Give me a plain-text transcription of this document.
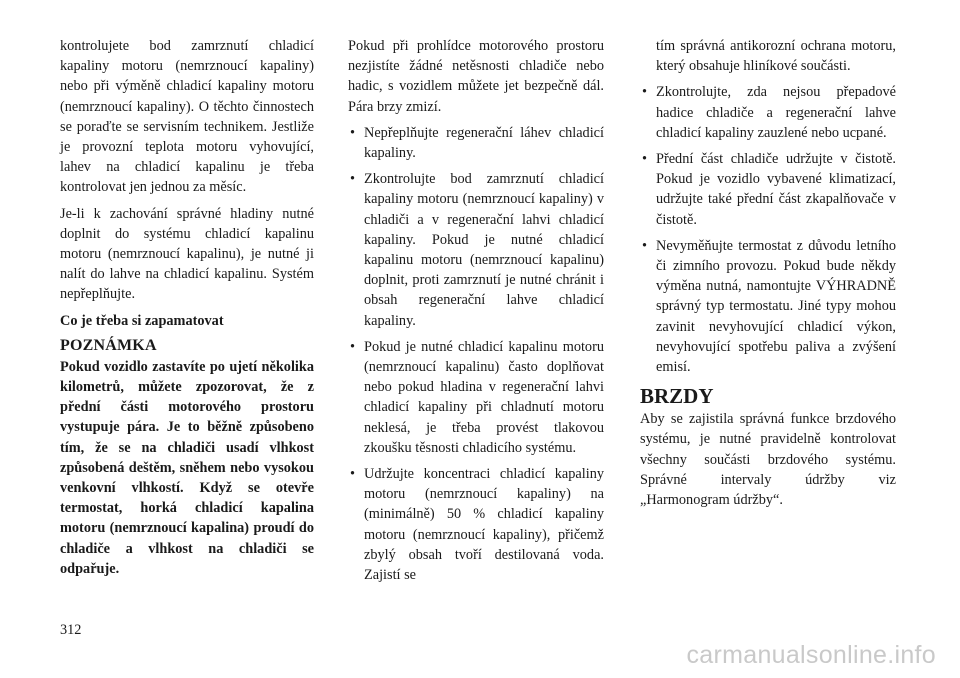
kontrolujete bod zamrznutí chladicí kapaliny motoru (nemrznoucí kapaliny) nebo při výměně chladicí kapaliny motoru (nemrznoucí kapaliny). O těchto činnostech se poraďte se servisním technikem. Jestliže je provozní teplota motoru vyhovující, lahev na chladicí kapalinu je třeba kontrolovat jen jednou za měsíc.

Je-li k zachování správné hladiny nutné doplnit do systému chladicí kapalinu motoru (nemrznoucí kapalinu), je nutné ji nalít do lahve na chladicí kapalinu. Systém nepřeplňujte.

Co je třeba si zapamatovat

POZNÁMKA

Pokud vozidlo zastavíte po ujetí několika kilometrů, můžete zpozorovat, že z přední části motorového prostoru vystupuje pára. Je to běžně způsobeno tím, že se na chladiči usadí vlhkost způsobená deštěm, sněhem nebo vysokou venkovní vlhkostí. Když se otevře termostat, horká chladicí kapalina motoru (nemrznoucí kapalina) proudí do chladiče a vlhkost na chladiči se odpařuje.

Pokud při prohlídce motorového prostoru nezjistíte žádné netěsnosti chladiče nebo hadic, s vozidlem můžete jet bezpečně dál. Pára brzy zmizí.

• Nepřeplňujte regenerační láhev chladicí kapaliny.
• Zkontrolujte bod zamrznutí chladicí kapaliny motoru (nemrznoucí kapaliny) v chladiči a v regenerační lahvi chladicí kapaliny. Pokud je nutné chladicí kapalinu motoru (nemrznoucí kapalinu) doplnit, proti zamrznutí je nutné chránit i obsah regenerační lahve chladicí kapaliny.
• Pokud je nutné chladicí kapalinu motoru (nemrznoucí kapalinu) často doplňovat nebo pokud hladina v regenerační lahvi chladicí kapaliny při chladnutí motoru neklesá, je třeba provést tlakovou zkoušku těsnosti chladicího systému.
• Udržujte koncentraci chladicí kapaliny motoru (nemrznoucí kapaliny) na (minimálně) 50 % chladicí kapaliny motoru (nemrznoucí kapaliny), přičemž zbylý obsah tvoří destilovaná voda. Zajistí se
tím správná antikorozní ochrana motoru, který obsahuje hliníkové součásti.
• Zkontrolujte, zda nejsou přepadové hadice chladiče a regenerační lahve chladicí kapaliny zauzlené nebo ucpané.
• Přední část chladiče udržujte v čistotě. Pokud je vozidlo vybavené klimatizací, udržujte také přední část zkapalňovače v čistotě.
• Nevyměňujte termostat z důvodu letního či zimního provozu. Pokud bude někdy výměna nutná, namontujte VÝHRADNĚ správný typ termostatu. Jiné typy mohou zavinit nevyhovující chladicí výkon, nevyhovující spotřebu paliva a zvýšení emisí.
BRZDY

Aby se zajistila správná funkce brzdového systému, je nutné pravidelně kontrolovat všechny součásti brzdového systému. Správné intervaly údržby viz „Harmonogram údržby“.

312
carmanualsonline.info
